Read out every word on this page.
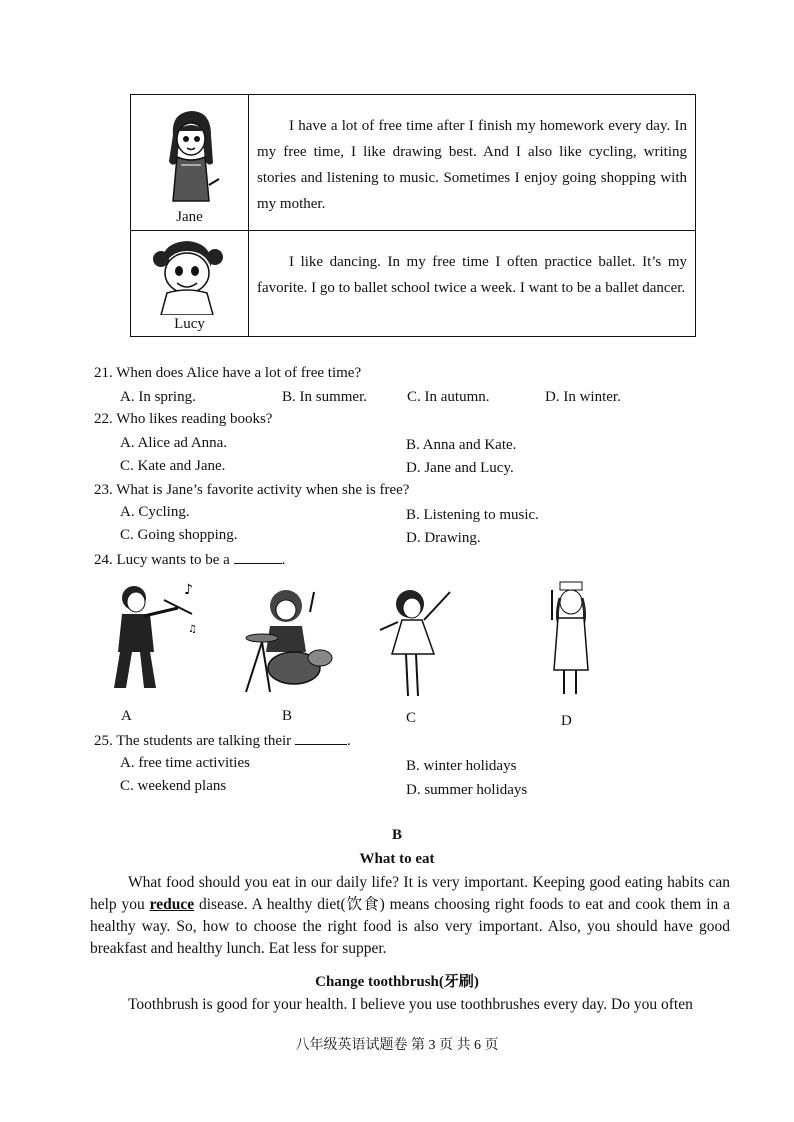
Jane
I have a lot of free time after I finish my homework every day. In my free time, I like drawing best. And I also like cycling, writing stories and listening to music. Sometimes I enjoy going shopping with my mother.
Lucy
I like dancing. In my free time I often practice ballet. It’s my favorite. I go to ballet school twice a week. I want to be a ballet dancer.
21. When does Alice have a lot of free time?
A. In spring.	B. In summer.	C. In autumn.	D. In winter.
22. Who likes reading books?
A. Alice ad Anna.	B. Anna and Kate.
C. Kate and Jane.	D. Jane and Lucy.
23. What is Jane’s favorite activity when she is free?
A. Cycling.	B. Listening to music.
C. Going shopping.	D. Drawing.
24. Lucy wants to be a	.
♪
♫
A	B	C	D
25. The students are talking their	.
A. free time activities	B. winter holidays
C. weekend plans	D. summer holidays
B
What to eat
What food should you eat in our daily life? It is very important. Keeping good eating habits can help you reduce disease. A healthy diet(饮食) means choosing right foods to eat and cook them in a healthy way. So, how to choose the right food is also very important. Also, you should have good breakfast and healthy lunch. Eat less for supper.
Change toothbrush(牙刷)
Toothbrush is good for your health. I believe you use toothbrushes every day. Do you often
八年级英语试题卷 第 3 页 共 6 页
